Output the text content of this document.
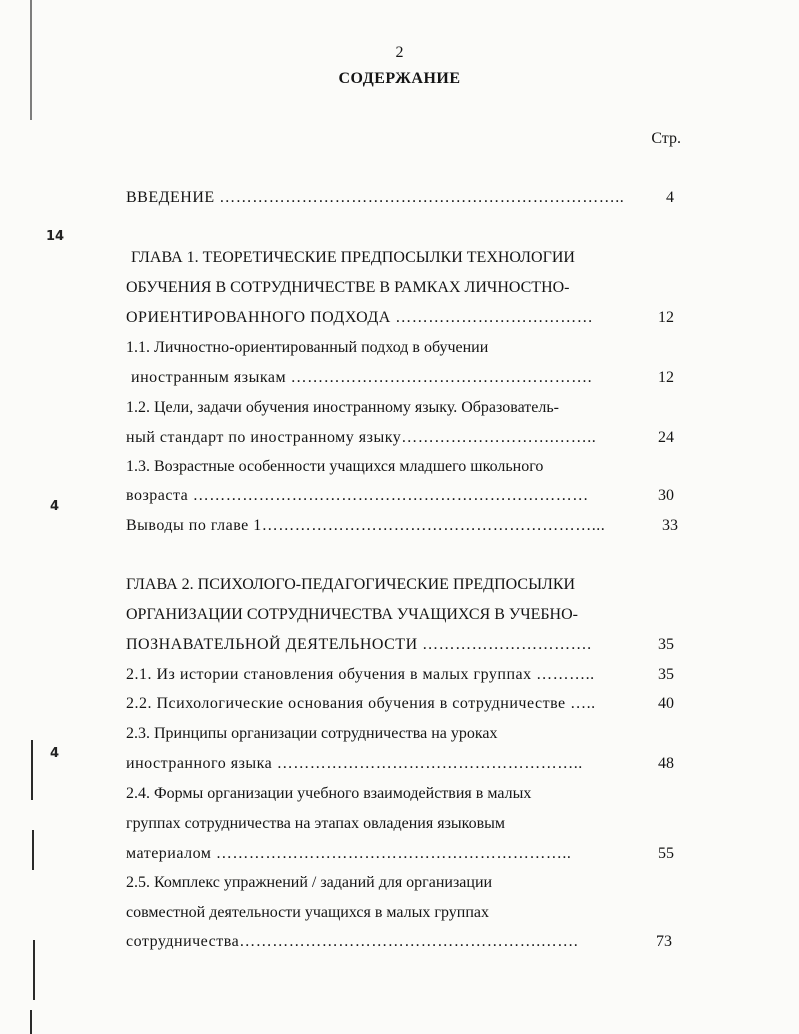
14
4
4
2
СОДЕРЖАНИЕ
Стр.
ВВЕДЕНИЕ ………………………………………………………………..	4
ГЛАВА 1. ТЕОРЕТИЧЕСКИЕ ПРЕДПОСЫЛКИ ТЕХНОЛОГИИ
ОБУЧЕНИЯ В СОТРУДНИЧЕСТВЕ В РАМКАХ ЛИЧНОСТНО-
ОРИЕНТИРОВАННОГО ПОДХОДА ………………………………	12
1.1. Личностно-ориентированный подход в обучении
иностранным языкам ……………………………………………….	12
1.2. Цели, задачи обучения иностранному языку. Образователь-
ный стандарт по иностранному языку……………………….……..	24
1.3. Возрастные особенности учащихся младшего школьного
возраста ………………………………………………………………	30
Выводы по главе 1……………………………………………………...	33
ГЛАВА 2. ПСИХОЛОГО-ПЕДАГОГИЧЕСКИЕ ПРЕДПОСЫЛКИ
ОРГАНИЗАЦИИ СОТРУДНИЧЕСТВА УЧАЩИХСЯ В УЧЕБНО-
ПОЗНАВАТЕЛЬНОЙ ДЕЯТЕЛЬНОСТИ ………………………….	35
2.1. Из истории становления обучения в малых группах ………..	35
2.2. Психологические основания обучения в сотрудничестве …..	40
2.3. Принципы организации сотрудничества на уроках
иностранного языка ………………………………………………..	48
2.4. Формы организации учебного взаимодействия в малых
группах сотрудничества на этапах овладения языковым
материалом ………………………………………………………..	55
2.5. Комплекс упражнений / заданий для организации
совместной деятельности учащихся в малых группах
сотрудничества……………………………………………….…….	73
